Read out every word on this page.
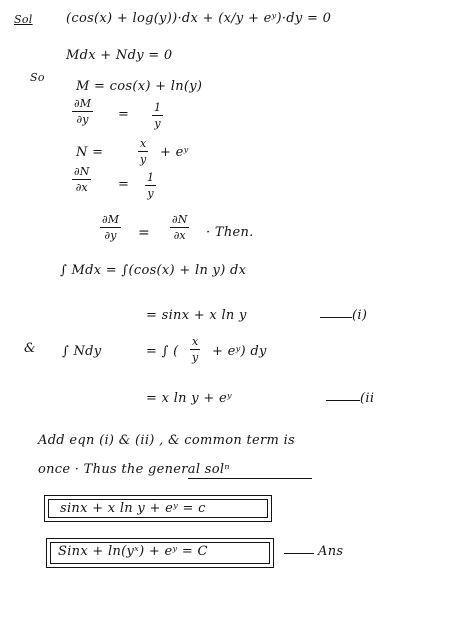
Sol	(cos(x) + log(y))·dx + (x/y + eʸ)·dy = 0
Mdx + Ndy = 0
So
M = cos(x) + ln(y)
∂M
∂y	= 1
y
N =
x
y + eʸ
∂N
∂x = 1
y
∂M
∂y	=
∂N
∂x · Then.
∫ Mdx = ∫(cos(x) + ln y) dx
= sinx + x ln y	(i)
& ∫ Ndy	= ∫ (
x
y + eʸ) dy
= x ln y + eʸ	(ii
Add eqn (i) & (ii) , & common term is
once · Thus the general solⁿ
sinx + x ln y + eʸ = c
Sinx + ln(yˣ) + eʸ = C	Ans
